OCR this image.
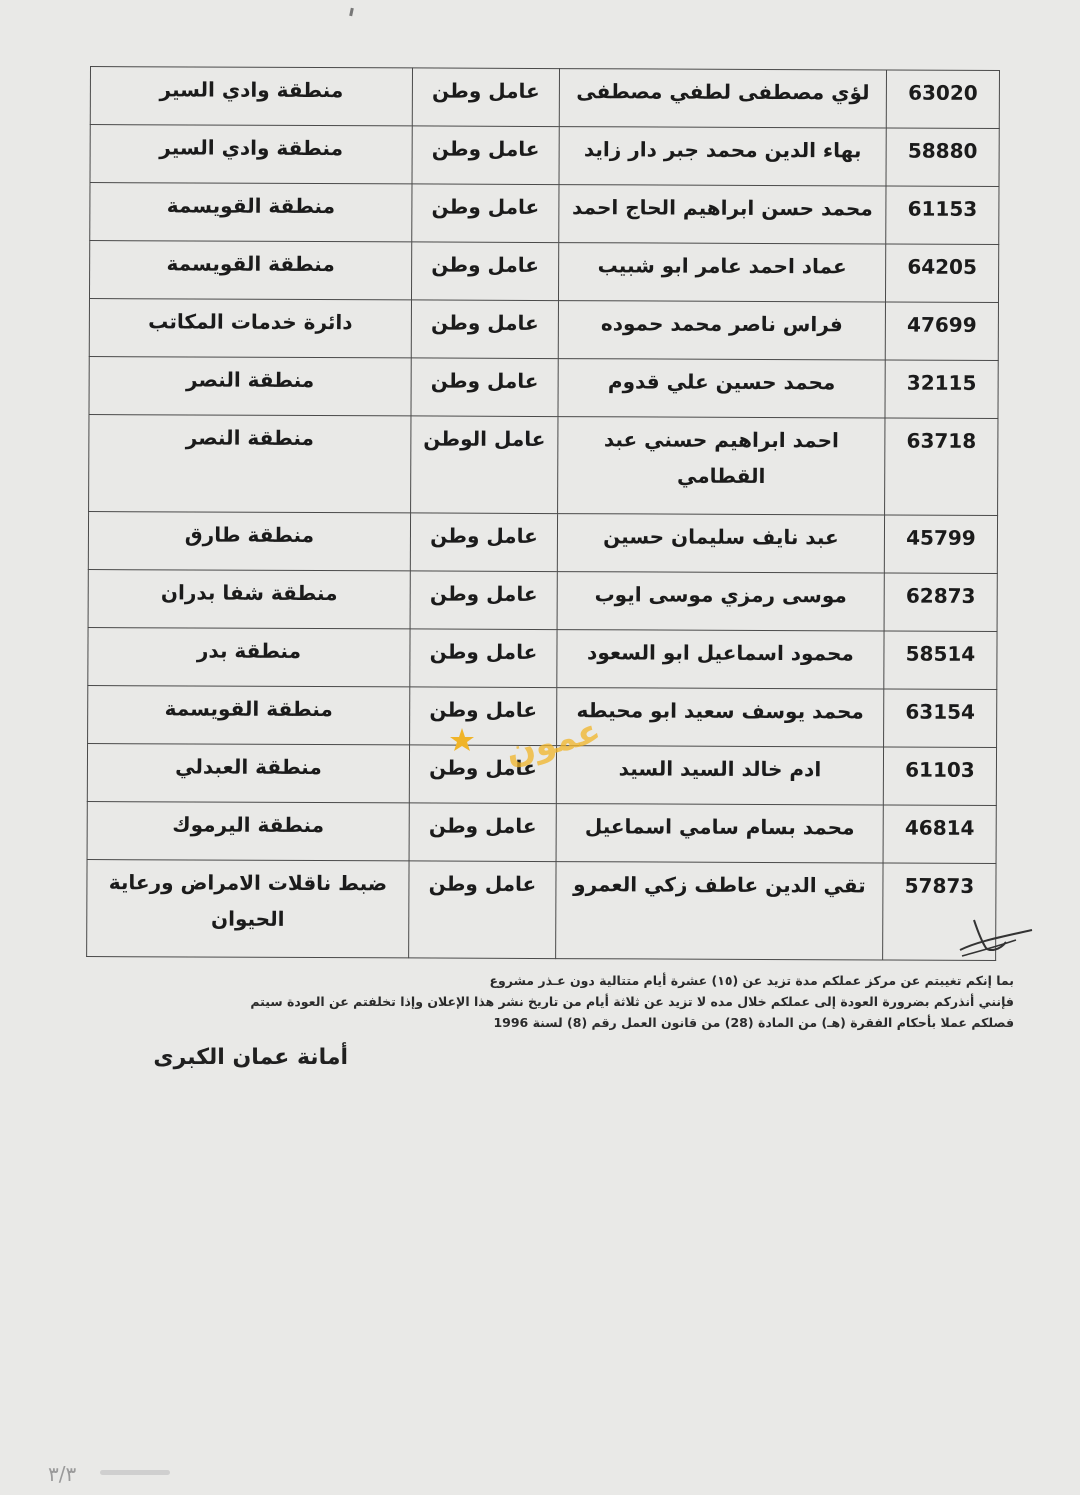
63020	لؤي مصطفى لطفي مصطفى	عامل وطن	منطقة وادي السير
58880	بهاء الدين محمد جبر دار زايد	عامل وطن	منطقة وادي السير
61153	محمد حسن ابراهيم الحاج احمد	عامل وطن	منطقة القويسمة
64205	عماد احمد عامر ابو شبيب	عامل وطن	منطقة القويسمة
47699	فراس ناصر محمد حموده	عامل وطن	دائرة خدمات المكاتب
32115	محمد حسين علي قدوم	عامل وطن	منطقة النصر
63718	احمد ابراهيم حسني عبد القطامي	عامل الوطن	منطقة النصر
45799	عبد نايف سليمان حسين	عامل وطن	منطقة طارق
62873	موسى رمزي موسى ايوب	عامل وطن	منطقة شفا بدران
58514	محمود اسماعيل ابو السعود	عامل وطن	منطقة بدر
63154	محمد يوسف سعيد ابو محيطه	عامل وطن	منطقة القويسمة
61103	ادم خالد السيد السيد	عامل وطن	منطقة العبدلي
46814	محمد بسام سامي اسماعيل	عامل وطن	منطقة اليرموك
57873	تقي الدين عاطف زكي العمرو	عامل وطن	ضبط ناقلات الامراض ورعاية الحيوان
عمون
بما إنكم تغيبتم عن مركز عملكم مدة تزيد عن (١٥) عشرة أيام متتالية دون عـذر مشروع
فإنني أنذركم بضرورة العودة إلى عملكم خلال مده لا تزيد عن ثلاثة أيام من تاريخ نشر هذا الإعلان وإذا تخلفتم عن العودة سيتم
فصلكم عملا بأحكام الفقرة (هـ) من المادة (28) من قانون العمل رقم (8) لسنة 1996
أمانة عمان الكبرى
٣/٣
